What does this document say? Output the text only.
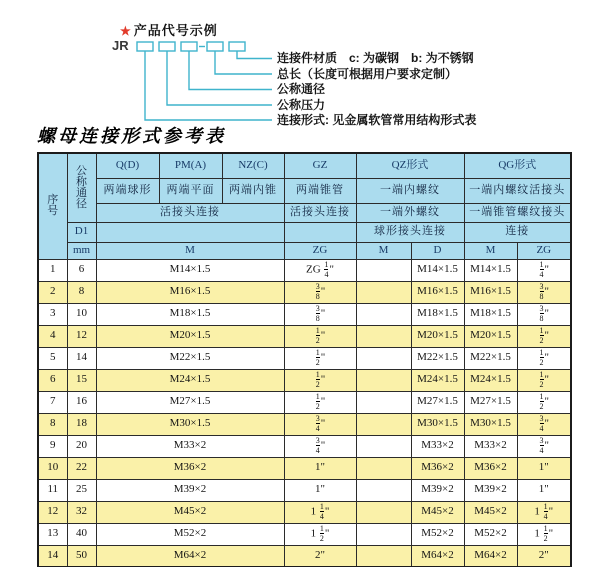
★ 产品代号示例
JR
连接件材质　c: 为碳钢　b: 为不锈钢
总长（长度可根据用户要求定制）
公称通径
公称压力
连接形式: 见金属软管常用结构形式表
螺母连接形式参考表
序
号	公
称
通
径	Q(D)	PM(A)	NZ(C)	GZ	QZ形式		QG形式	
		两端球形	两端平面	两端内锥	两端锥管	一端内螺纹		一端内螺纹活接头	
		活接头连接			活接头连接	一端外螺纹		一端锥管螺纹接头	
	D1					球形接头连接		连接	
	mm	M			ZG	M	D	M	ZG
1	6	M14×1.5			ZG $\frac{1}{4}$ "		M14×1.5	M14×1.5	$\frac{1}{4}$ "
2	8	M16×1.5			$\frac{3}{8}$ "		M16×1.5	M16×1.5	$\frac{3}{8}$ "
3	10	M18×1.5			$\frac{3}{8}$ "		M18×1.5	M18×1.5	$\frac{3}{8}$ "
4	12	M20×1.5			$\frac{1}{2}$ "		M20×1.5	M20×1.5	$\frac{1}{2}$ "
5	14	M22×1.5			$\frac{1}{2}$ "		M22×1.5	M22×1.5	$\frac{1}{2}$ "
6	15	M24×1.5			$\frac{1}{2}$ "		M24×1.5	M24×1.5	$\frac{1}{2}$ "
7	16	M27×1.5			$\frac{1}{2}$ "		M27×1.5	M27×1.5	$\frac{1}{2}$ "
8	18	M30×1.5			$\frac{3}{4}$ "		M30×1.5	M30×1.5	$\frac{3}{4}$ "
9	20	M33×2			$\frac{3}{4}$ "		M33×2	M33×2	$\frac{3}{4}$ "
10	22	M36×2			1"		M36×2	M36×2	1"
11	25	M39×2			1"		M39×2	M39×2	1"
12	32	M45×2			$1 \frac{1}{4}$ "		M45×2	M45×2	$1 \frac{1}{4}$ "
13	40	M52×2			$1 \frac{1}{2}$ "		M52×2	M52×2	$1 \frac{1}{2}$ "
14	50	M64×2			2"		M64×2	M64×2	2"
